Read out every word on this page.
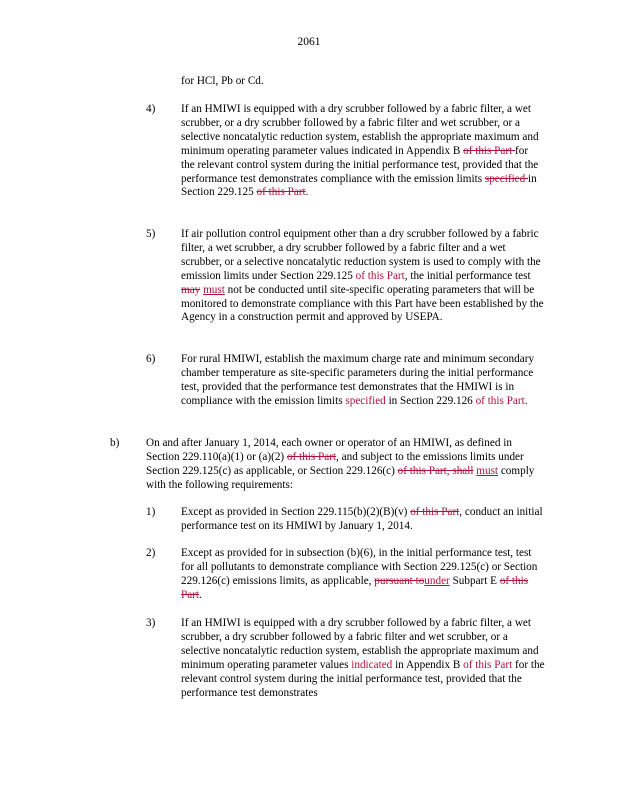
2061

for HCl, Pb or Cd.

4) If an HMIWI is equipped with a dry scrubber followed by a fabric filter, a wet scrubber, or a dry scrubber followed by a fabric filter and wet scrubber, or a selective noncatalytic reduction system, establish the appropriate maximum and minimum operating parameter values indicated in Appendix B of this Part for the relevant control system during the initial performance test, provided that the performance test demonstrates compliance with the emission limits specified in Section 229.125 of this Part.

5) If air pollution control equipment other than a dry scrubber followed by a fabric filter, a wet scrubber, a dry scrubber followed by a fabric filter and a wet scrubber, or a selective noncatalytic reduction system is used to comply with the emission limits under Section 229.125 of this Part, the initial performance test may must not be conducted until site-specific operating parameters that will be monitored to demonstrate compliance with this Part have been established by the Agency in a construction permit and approved by USEPA.

6) For rural HMIWI, establish the maximum charge rate and minimum secondary chamber temperature as site-specific parameters during the initial performance test, provided that the performance test demonstrates that the HMIWI is in compliance with the emission limits specified in Section 229.126 of this Part.

b) On and after January 1, 2014, each owner or operator of an HMIWI, as defined in Section 229.110(a)(1) or (a)(2) of this Part, and subject to the emissions limits under Section 229.125(c) as applicable, or Section 229.126(c) of this Part, shall must comply with the following requirements:

1) Except as provided in Section 229.115(b)(2)(B)(v) of this Part, conduct an initial performance test on its HMIWI by January 1, 2014.

2) Except as provided for in subsection (b)(6), in the initial performance test, test for all pollutants to demonstrate compliance with Section 229.125(c) or Section 229.126(c) emissions limits, as applicable, pursuant tounder Subpart E of this Part.

3) If an HMIWI is equipped with a dry scrubber followed by a fabric filter, a wet scrubber, a dry scrubber followed by a fabric filter and wet scrubber, or a selective noncatalytic reduction system, establish the appropriate maximum and minimum operating parameter values indicated in Appendix B of this Part for the relevant control system during the initial performance test, provided that the performance test demonstrates
